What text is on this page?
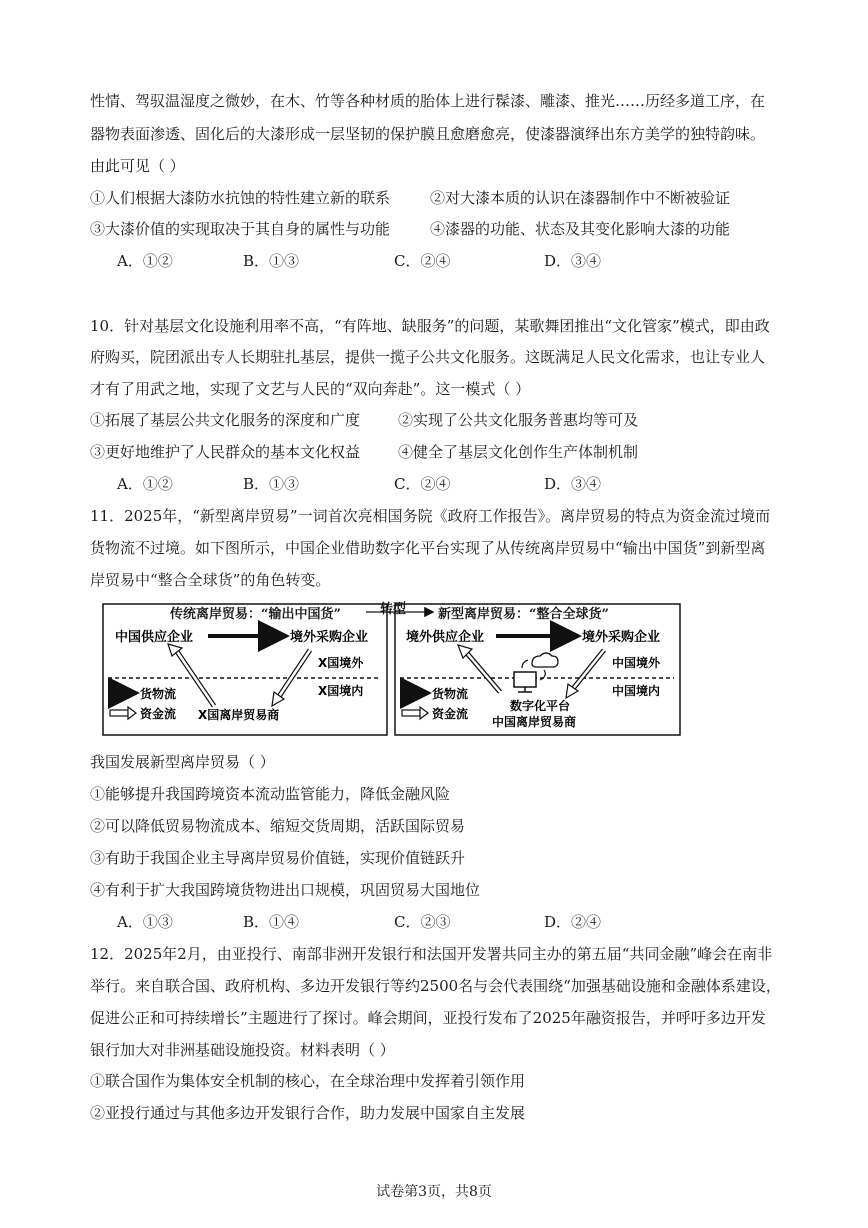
性情、驾驭温湿度之微妙，在木、竹等各种材质的胎体上进行髹漆、雕漆、推光……历经多道工序，在
器物表面渗透、固化后的大漆形成一层坚韧的保护膜且愈磨愈亮，使漆器演绎出东方美学的独特韵味。
由此可见（ ）
①人们根据大漆防水抗蚀的特性建立新的联系	②对大漆本质的认识在漆器制作中不断被验证
③大漆价值的实现取决于其自身的属性与功能	④漆器的功能、状态及其变化影响大漆的功能
A．①②	B．①③	C．②④	D．③④
10．针对基层文化设施利用率不高，“有阵地、缺服务”的问题，某歌舞团推出“文化管家”模式，即由政
府购买，院团派出专人长期驻扎基层，提供一揽子公共文化服务。这既满足人民文化需求，也让专业人
才有了用武之地，实现了文艺与人民的“双向奔赴”。这一模式（ ）
①拓展了基层公共文化服务的深度和广度	②实现了公共文化服务普惠均等可及
③更好地维护了人民群众的基本文化权益	④健全了基层文化创作生产体制机制
A．①②	B．①③	C．②④	D．③④
11．2025年，“新型离岸贸易”一词首次亮相国务院《政府工作报告》。离岸贸易的特点为资金流过境而
货物流不过境。如下图所示，中国企业借助数字化平台实现了从传统离岸贸易中“输出中国货”到新型离
岸贸易中“整合全球货”的角色转变。
传统离岸贸易：“输出中国货”	转型 新型离岸贸易：“整合全球货”
中国供应企业	境外采购企业
X国境外
X国境内
货物流
资金流 X国离岸贸易商
境外供应企业	境外采购企业
中国境外
中国境内
货物流
资金流
数字化平台
中国离岸贸易商
我国发展新型离岸贸易（ ）
①能够提升我国跨境资本流动监管能力，降低金融风险
②可以降低贸易物流成本、缩短交货周期，活跃国际贸易
③有助于我国企业主导离岸贸易价值链，实现价值链跃升
④有利于扩大我国跨境货物进出口规模，巩固贸易大国地位
A．①③	B．①④	C．②③	D．②④
12．2025年2月，由亚投行、南部非洲开发银行和法国开发署共同主办的第五届“共同金融”峰会在南非
举行。来自联合国、政府机构、多边开发银行等约2500名与会代表围绕“加强基础设施和金融体系建设，
促进公正和可持续增长”主题进行了探讨。峰会期间，亚投行发布了2025年融资报告，并呼吁多边开发
银行加大对非洲基础设施投资。材料表明（ ）
①联合国作为集体安全机制的核心，在全球治理中发挥着引领作用
②亚投行通过与其他多边开发银行合作，助力发展中国家自主发展
试卷第3页，共8页
